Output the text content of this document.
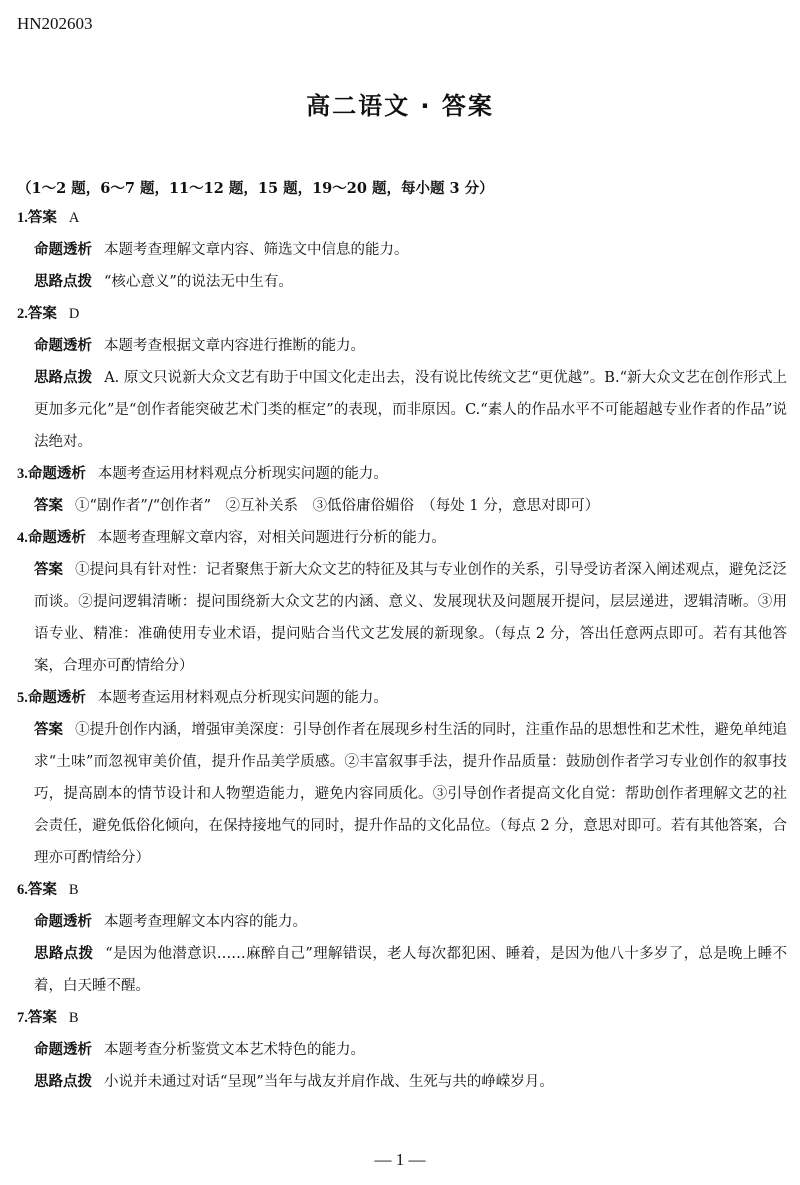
HN202603
高二语文 · 答案
（1～2 题，6～7 题，11～12 题，15 题，19～20 题，每小题 3 分）
1.答案 A
命题透析 本题考查理解文章内容、筛选文中信息的能力。
思路点拨 “核心意义”的说法无中生有。
2.答案 D
命题透析 本题考查根据文章内容进行推断的能力。
思路点拨 A. 原文只说新大众文艺有助于中国文化走出去，没有说比传统文艺“更优越”。B.“新大众文艺在创作形式上更加多元化”是“创作者能突破艺术门类的框定”的表现，而非原因。C.“素人的作品水平不可能超越专业作者的作品”说法绝对。
3.命题透析 本题考查运用材料观点分析现实问题的能力。
答案 ①“剧作者”/“创作者”　②互补关系　③低俗庸俗媚俗　（每处 1 分，意思对即可）
4.命题透析 本题考查理解文章内容，对相关问题进行分析的能力。
答案 ①提问具有针对性：记者聚焦于新大众文艺的特征及其与专业创作的关系，引导受访者深入阐述观点，避免泛泛而谈。②提问逻辑清晰：提问围绕新大众文艺的内涵、意义、发展现状及问题展开提问，层层递进，逻辑清晰。③用语专业、精准：准确使用专业术语，提问贴合当代文艺发展的新现象。（每点 2 分，答出任意两点即可。若有其他答案，合理亦可酌情给分）
5.命题透析 本题考查运用材料观点分析现实问题的能力。
答案 ①提升创作内涵，增强审美深度：引导创作者在展现乡村生活的同时，注重作品的思想性和艺术性，避免单纯追求“土味”而忽视审美价值，提升作品美学质感。②丰富叙事手法，提升作品质量：鼓励创作者学习专业创作的叙事技巧，提高剧本的情节设计和人物塑造能力，避免内容同质化。③引导创作者提高文化自觉：帮助创作者理解文艺的社会责任，避免低俗化倾向，在保持接地气的同时，提升作品的文化品位。（每点 2 分，意思对即可。若有其他答案，合理亦可酌情给分）
6.答案 B
命题透析 本题考查理解文本内容的能力。
思路点拨 “是因为他潜意识……麻醉自己”理解错误，老人每次都犯困、睡着，是因为他八十多岁了，总是晚上睡不着，白天睡不醒。
7.答案 B
命题透析 本题考查分析鉴赏文本艺术特色的能力。
思路点拨 小说并未通过对话“呈现”当年与战友并肩作战、生死与共的峥嵘岁月。
— 1 —
